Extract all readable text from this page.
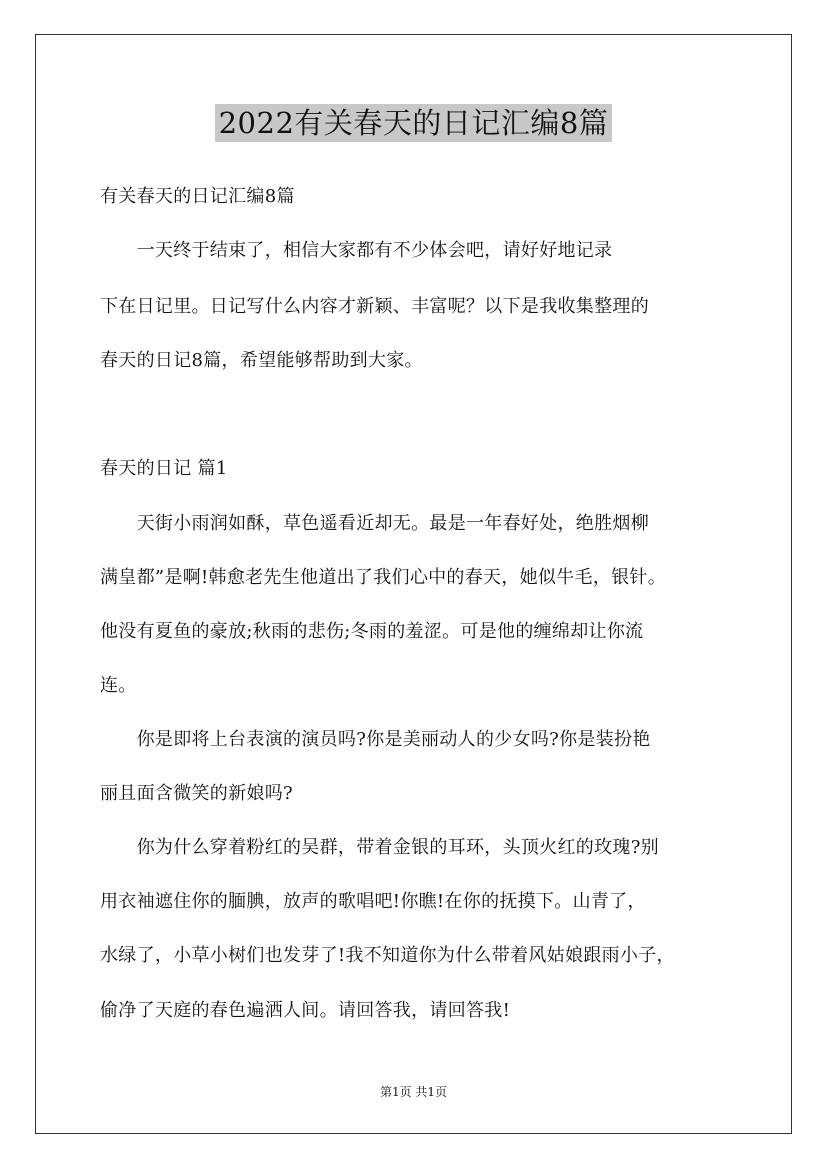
2022有关春天的日记汇编8篇
有关春天的日记汇编8篇
　　一天终于结束了，相信大家都有不少体会吧，请好好地记录
下在日记里。日记写什么内容才新颖、丰富呢？以下是我收集整理的
春天的日记8篇，希望能够帮助到大家。
春天的日记 篇1
　　天街小雨润如酥，草色遥看近却无。最是一年春好处，绝胜烟柳
满皇都”是啊!韩愈老先生他道出了我们心中的春天，她似牛毛，银针。
他没有夏鱼的豪放;秋雨的悲伤;冬雨的羞涩。可是他的缠绵却让你流
连。
　　你是即将上台表演的演员吗?你是美丽动人的少女吗?你是装扮艳
丽且面含微笑的新娘吗?
　　你为什么穿着粉红的吴群，带着金银的耳环，头顶火红的玫瑰?别
用衣袖遮住你的腼腆，放声的歌唱吧!你瞧!在你的抚摸下。山青了，
水绿了，小草小树们也发芽了!我不知道你为什么带着风姑娘跟雨小子，
偷净了天庭的春色遍洒人间。请回答我，请回答我!
第1页 共1页
